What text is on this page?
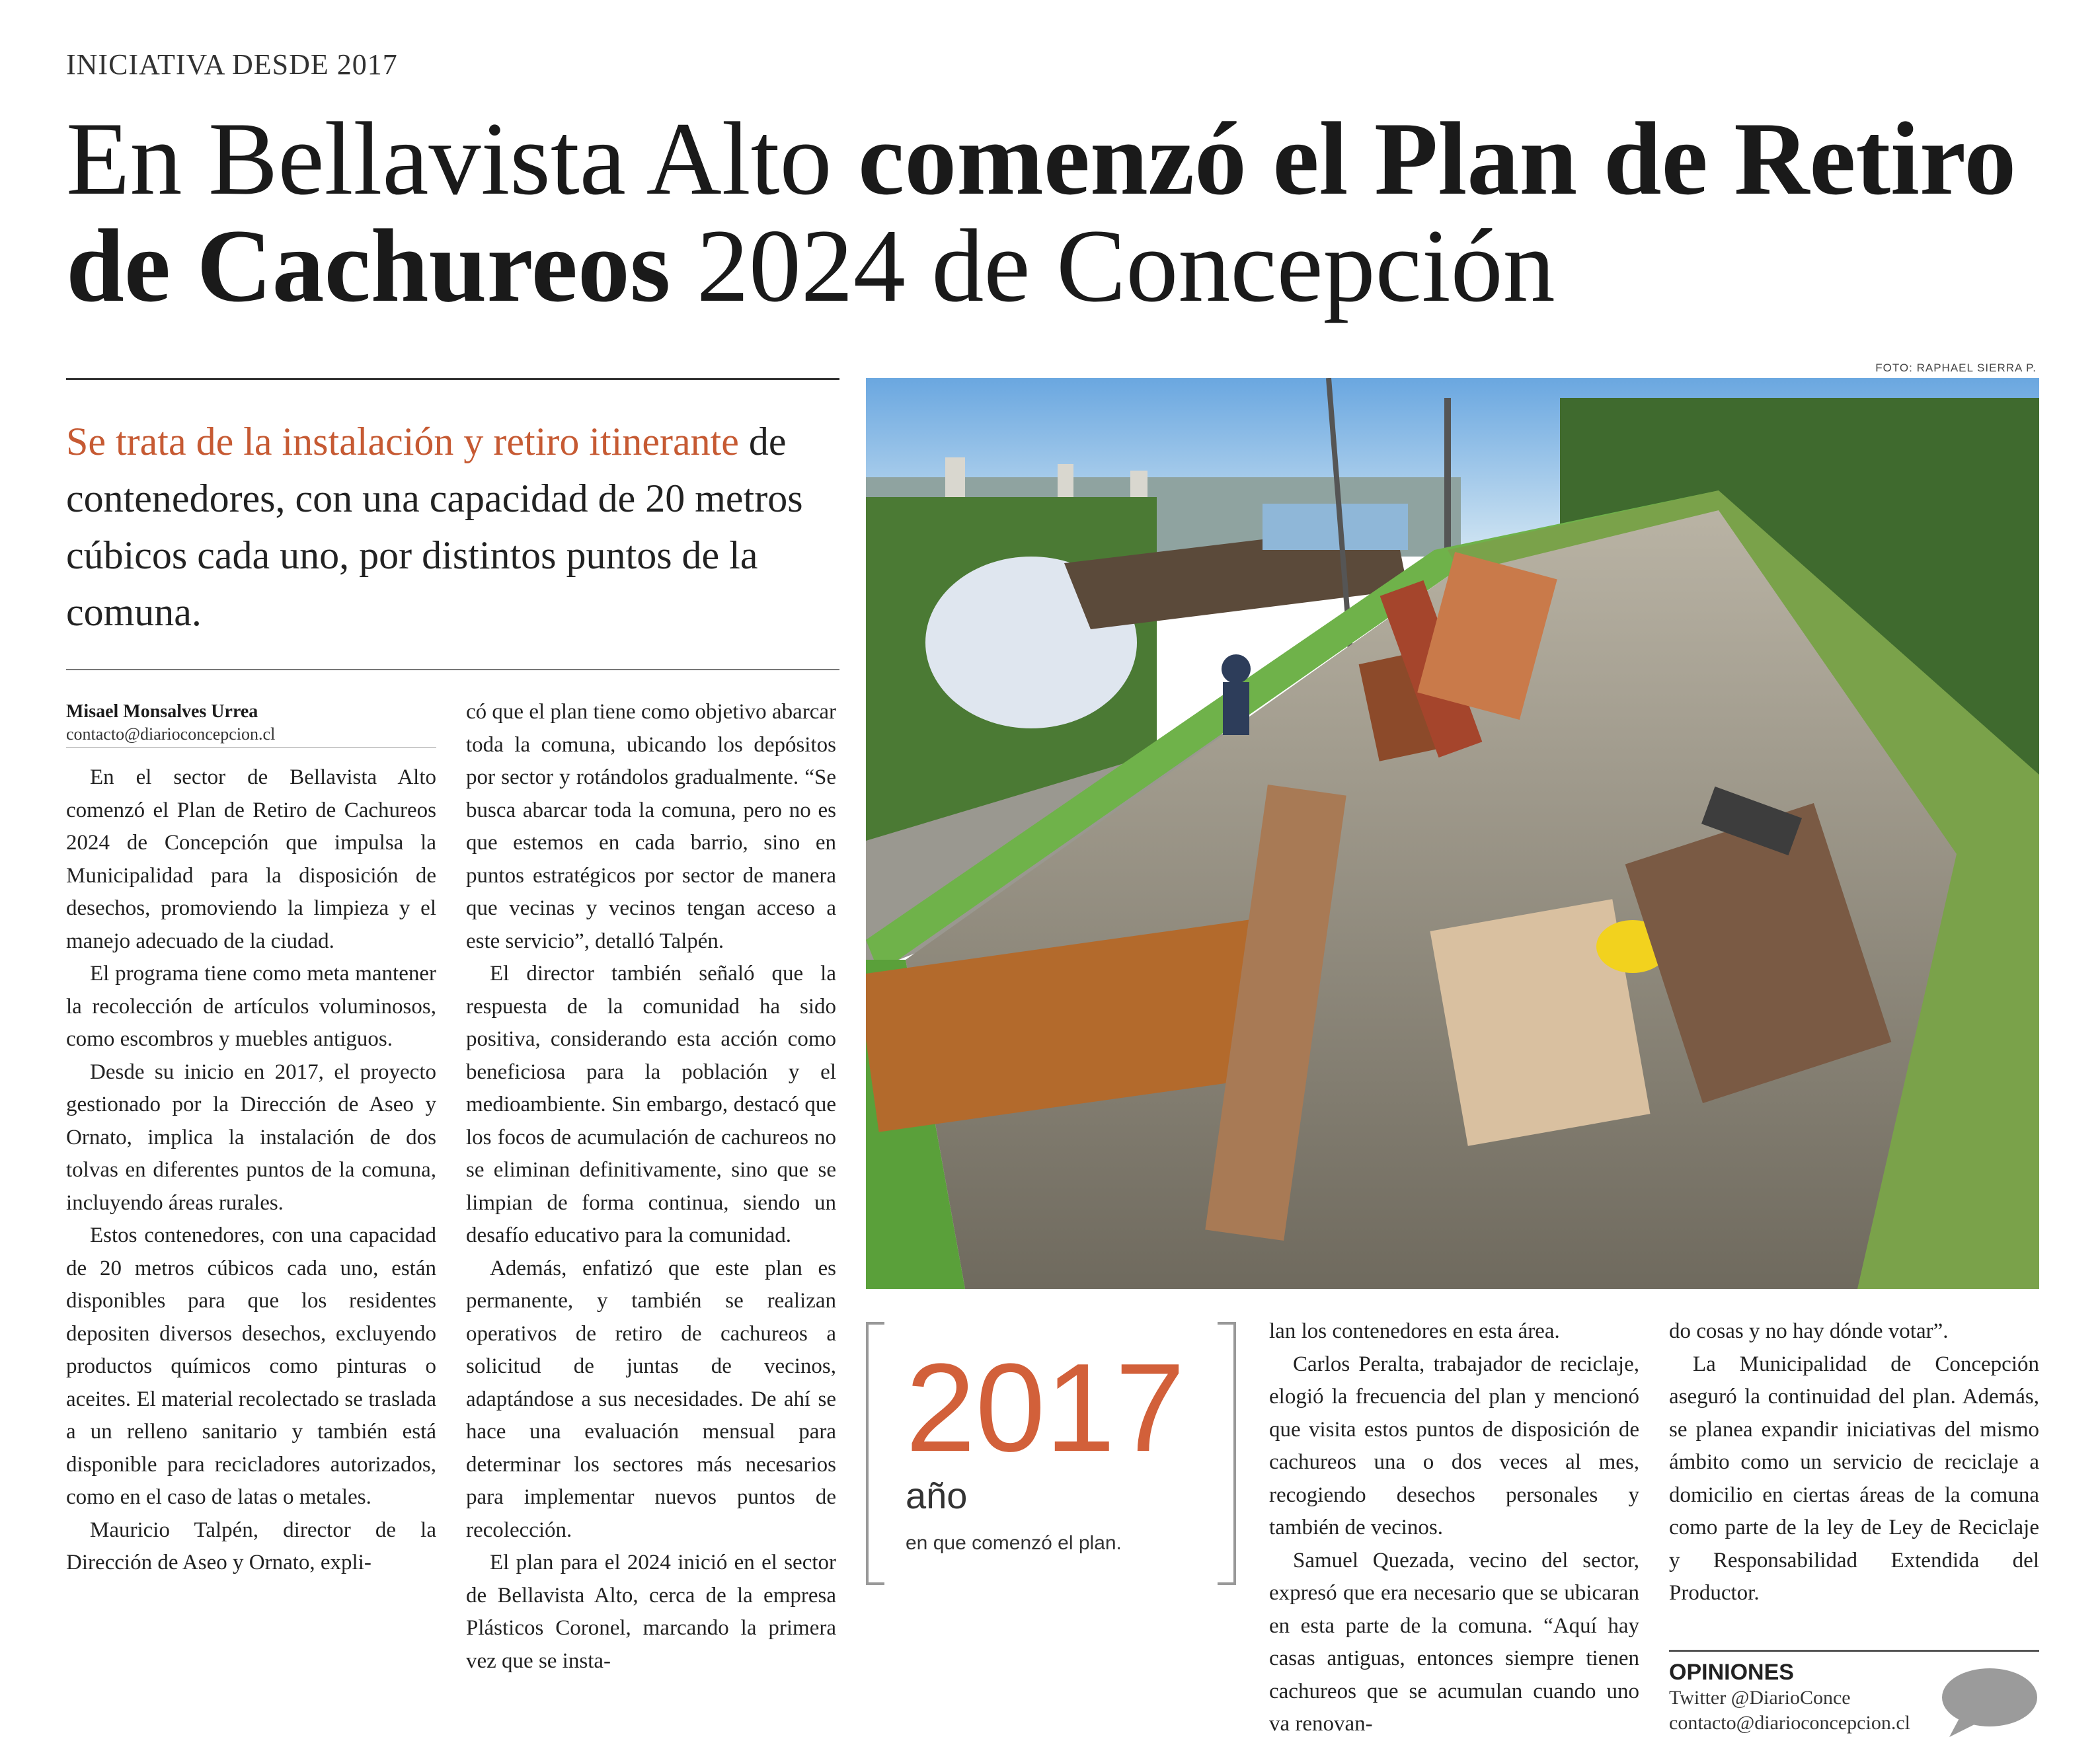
INICIATIVA DESDE 2017
En Bellavista Alto comenzó el Plan de Retiro de Cachureos 2024 de Concepción
FOTO: RAPHAEL SIERRA P.
Se trata de la instalación y retiro itinerante de contenedores, con una capacidad de 20 metros cúbicos cada uno, por distintos puntos de la comuna.
Misael Monsalves Urrea
contacto@diarioconcepcion.cl

En el sector de Bellavista Alto comenzó el Plan de Retiro de Cachureos 2024 de Concepción que impulsa la Municipalidad para la disposición de desechos, promoviendo la limpieza y el manejo adecuado de la ciudad.

El programa tiene como meta mantener la recolección de artículos voluminosos, como escombros y muebles antiguos.

Desde su inicio en 2017, el proyecto gestionado por la Dirección de Aseo y Ornato, implica la instalación de dos tolvas en diferentes puntos de la comuna, incluyendo áreas rurales.

Estos contenedores, con una capacidad de 20 metros cúbicos cada uno, están disponibles para que los residentes depositen diversos desechos, excluyendo productos químicos como pinturas o aceites. El material recolectado se traslada a un relleno sanitario y también está disponible para recicladores autorizados, como en el caso de latas o metales.

Mauricio Talpén, director de la Dirección de Aseo y Ornato, expli-

có que el plan tiene como objetivo abarcar toda la comuna, ubicando los depósitos por sector y rotándolos gradualmente. “Se busca abarcar toda la comuna, pero no es que estemos en cada barrio, sino en puntos estratégicos por sector de manera que vecinas y vecinos tengan acceso a este servicio”, detalló Talpén.

El director también señaló que la respuesta de la comunidad ha sido positiva, considerando esta acción como beneficiosa para la población y el medioambiente. Sin embargo, destacó que los focos de acumulación de cachureos no se eliminan definitivamente, sino que se limpian de forma continua, siendo un desafío educativo para la comunidad.

Además, enfatizó que este plan es permanente, y también se realizan operativos de retiro de cachureos a solicitud de juntas de vecinos, adaptándose a sus necesidades. De ahí se hace una evaluación mensual para determinar los sectores más necesarios para implementar nuevos puntos de recolección.

El plan para el 2024 inició en el sector de Bellavista Alto, cerca de la empresa Plásticos Coronel, marcando la primera vez que se insta-

2017
año
en que comenzó el plan.

lan los contenedores en esta área.

Carlos Peralta, trabajador de reciclaje, elogió la frecuencia del plan y mencionó que visita estos puntos de disposición de cachureos una o dos veces al mes, recogiendo desechos personales y también de vecinos.

Samuel Quezada, vecino del sector, expresó que era necesario que se ubicaran en esta parte de la comuna. “Aquí hay casas antiguas, entonces siempre tienen cachureos que se acumulan cuando uno va renovan-

do cosas y no hay dónde votar”.

La Municipalidad de Concepción aseguró la continuidad del plan. Además, se planea expandir iniciativas del mismo ámbito como un servicio de reciclaje a domicilio en ciertas áreas de la comuna como parte de la ley de Ley de Reciclaje y Responsabilidad Extendida del Productor.

OPINIONES
Twitter @DiarioConce
contacto@diarioconcepcion.cl
